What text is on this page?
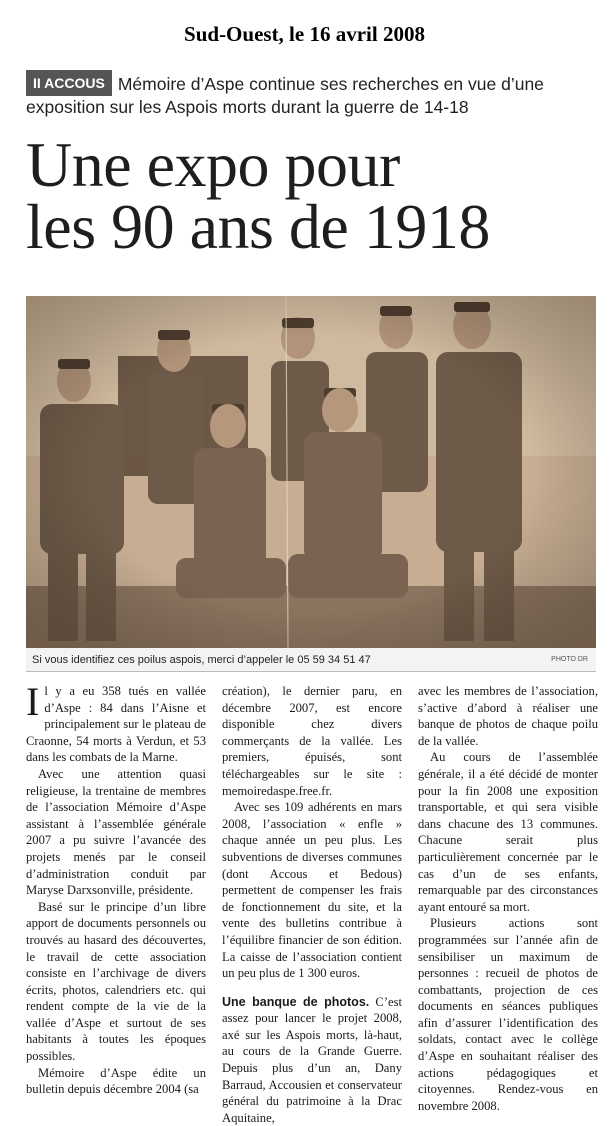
Sud-Ouest, le 16 avril 2008
II ACCOUS Mémoire d’Aspe continue ses recherches en vue d’une exposition sur les Aspois morts durant la guerre de 14-18
Une expo pour
les 90 ans de 1918
Si vous identifiez ces poilus aspois, merci d’appeler le 05 59 34 51 47	PHOTO DR

Il y a eu 358 tués en vallée d’Aspe : 84 dans l’Aisne et principalement sur le plateau de Craonne, 54 morts à Verdun, et 53 dans les combats de la Marne.

Avec une attention quasi religieuse, la trentaine de membres de l’association Mémoire d’Aspe assistant à l’assemblée générale 2007 a pu suivre l’avancée des projets menés par le conseil d’administration conduit par Maryse Darxsonville, présidente.

Basé sur le principe d’un libre apport de documents personnels ou trouvés au hasard des découvertes, le travail de cette association consiste en l’archivage de divers écrits, photos, calendriers etc. qui rendent compte de la vie de la vallée d’Aspe et surtout de ses habitants à toutes les époques possibles.

Mémoire d’Aspe édite un bulletin depuis décembre 2004 (sa

création), le dernier paru, en décembre 2007, est encore disponible chez divers commerçants de la vallée. Les premiers, épuisés, sont téléchargeables sur le site : memoiredaspe.free.fr.

Avec ses 109 adhérents en mars 2008, l’association « enfle » chaque année un peu plus. Les subventions de diverses communes (dont Accous et Bedous) permettent de compenser les frais de fonctionnement du site, et la vente des bulletins contribue à l’équilibre financier de son édition. La caisse de l’association contient un peu plus de 1 300 euros.

Une banque de photos. C’est assez pour lancer le projet 2008, axé sur les Aspois morts, là-haut, au cours de la Grande Guerre. Depuis plus d’un an, Dany Barraud, Accousien et conservateur général du patrimoine à la Drac Aquitaine,

avec les membres de l’association, s’active d’abord à réaliser une banque de photos de chaque poilu de la vallée.

Au cours de l’assemblée générale, il a été décidé de monter pour la fin 2008 une exposition transportable, et qui sera visible dans chacune des 13 communes. Chacune serait plus particulièrement concernée par le cas d’un de ses enfants, remarquable par des circonstances ayant entouré sa mort.

Plusieurs actions sont programmées sur l’année afin de sensibiliser un maximum de personnes : recueil de photos de combattants, projection de ces documents en séances publiques afin d’assurer l’identification des soldats, contact avec le collège d’Aspe en souhaitant réaliser des actions pédagogiques et citoyennes. Rendez-vous en novembre 2008.
